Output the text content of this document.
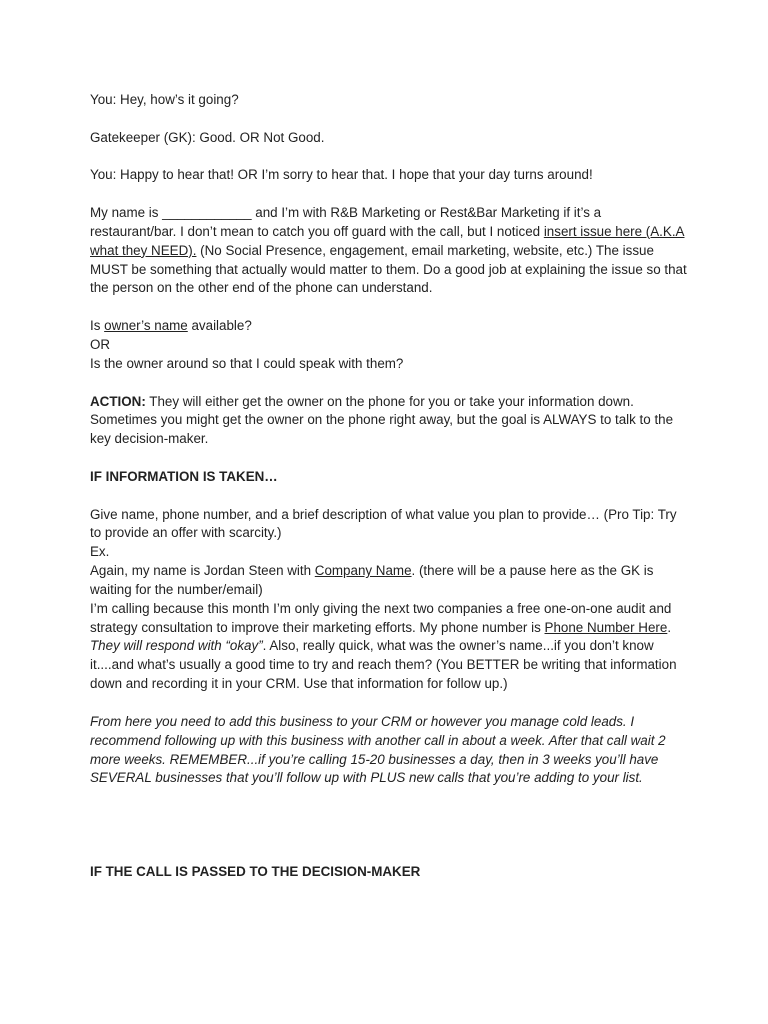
You: Hey, how’s it going?

Gatekeeper (GK): Good. OR Not Good.

You: Happy to hear that! OR I’m sorry to hear that. I hope that your day turns around!

My name is ____________ and I’m with R&B Marketing or Rest&Bar Marketing if it’s a restaurant/bar. I don’t mean to catch you off guard with the call, but I noticed insert issue here (A.K.A what they NEED). (No Social Presence, engagement, email marketing, website, etc.) The issue MUST be something that actually would matter to them. Do a good job at explaining the issue so that the person on the other end of the phone can understand.

Is owner’s name available?
OR
Is the owner around so that I could speak with them?

ACTION: They will either get the owner on the phone for you or take your information down. Sometimes you might get the owner on the phone right away, but the goal is ALWAYS to talk to the key decision-maker.

IF INFORMATION IS TAKEN…

Give name, phone number, and a brief description of what value you plan to provide… (Pro Tip: Try to provide an offer with scarcity.)
Ex.
Again, my name is Jordan Steen with Company Name. (there will be a pause here as the GK is waiting for the number/email)
I’m calling because this month I’m only giving the next two companies a free one-on-one audit and strategy consultation to improve their marketing efforts. My phone number is Phone Number Here. They will respond with “okay”. Also, really quick, what was the owner’s name...if you don’t know it....and what’s usually a good time to try and reach them? (You BETTER be writing that information down and recording it in your CRM. Use that information for follow up.)

From here you need to add this business to your CRM or however you manage cold leads. I recommend following up with this business with another call in about a week. After that call wait 2 more weeks. REMEMBER...if you’re calling 15-20 businesses a day, then in 3 weeks you’ll have SEVERAL businesses that you’ll follow up with PLUS new calls that you’re adding to your list.

IF THE CALL IS PASSED TO THE DECISION-MAKER
